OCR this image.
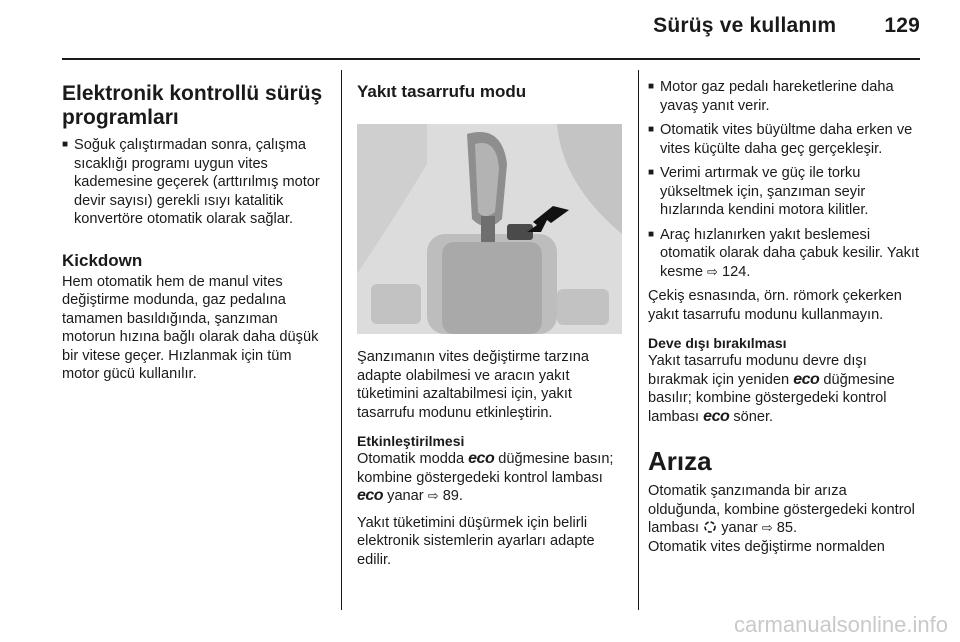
Sürüş ve kullanım 129
Elektronik kontrollü sürüş programları
■ Soğuk çalıştırmadan sonra, çalışma sıcaklığı programı uygun vites kademesine geçerek (arttırılmış motor devir sayısı) gerekli ısıyı katalitik konvertöre otomatik olarak sağlar.
Kickdown

Hem otomatik hem de manul vites değiştirme modunda, gaz pedalına tamamen basıldığında, şanzıman motorun hızına bağlı olarak daha düşük bir vitese geçer. Hızlanmak için tüm motor gücü kullanılır.

Yakıt tasarrufu modu

Şanzımanın vites değiştirme tarzına adapte olabilmesi ve aracın yakıt tüketimini azaltabilmesi için, yakıt tasarrufu modunu etkinleştirin.

Etkinleştirilmesi

Otomatik modda eco düğmesine basın; kombine göstergedeki kontrol lambası eco yanar ⇨ 89.

Yakıt tüketimini düşürmek için belirli elektronik sistemlerin ayarları adapte edilir.

■ Motor gaz pedalı hareketlerine daha yavaş yanıt verir.
■ Otomatik vites büyültme daha erken ve vites küçülte daha geç gerçekleşir.
■ Verimi artırmak ve güç ile torku yükseltmek için, şanzıman seyir hızlarında kendini motora kilitler.
■ Araç hızlanırken yakıt beslemesi otomatik olarak daha çabuk kesilir. Yakıt kesme ⇨ 124.

Çekiş esnasında, örn. römork çekerken yakıt tasarrufu modunu kullanmayın.

Deve dışı bırakılması

Yakıt tasarrufu modunu devre dışı bırakmak için yeniden eco düğmesine basılır; kombine göstergedeki kontrol lambası eco söner.

Arıza

Otomatik şanzımanda bir arıza olduğunda, kombine göstergedeki kontrol lambası yanar ⇨ 85.
Otomatik vites değiştirme normalden

carmanualsonline.info
